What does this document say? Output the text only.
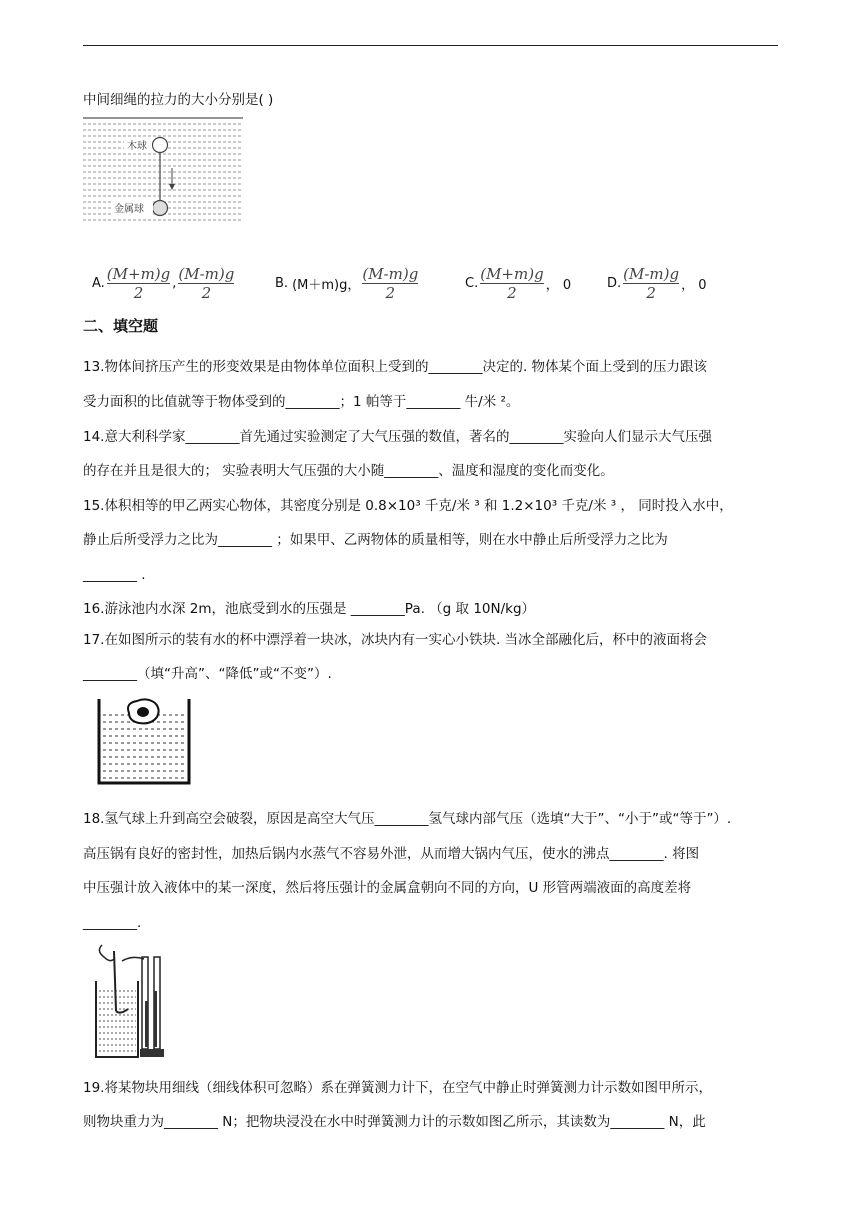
中间细绳的拉力的大小分别是( )
木球
金属球
A. $\frac{(M+m)g}{2}$ , $\frac{(M-m)g}{2}$	B. (M＋m)g， $\frac{(M-m)g}{2}$	C. $\frac{(M+m)g}{2}$ ， 0	D. $\frac{(M-m)g}{2}$ ， 0
二、填空题
13.物体间挤压产生的形变效果是由物体单位面积上受到的________决定的. 物体某个面上受到的压力跟该
受力面积的比值就等于物体受到的________；1 帕等于________ 牛/米 ²。
14.意大利科学家________首先通过实验测定了大气压强的数值，著名的________实验向人们显示大气压强
的存在并且是很大的； 实验表明大气压强的大小随________、温度和湿度的变化而变化。
15.体积相等的甲乙两实心物体，其密度分别是 0.8×10³ 千克/米 ³ 和 1.2×10³ 千克/米 ³ ， 同时投入水中，
静止后所受浮力之比为________ ；如果甲、乙两物体的质量相等，则在水中静止后所受浮力之比为
________ .
16.游泳池内水深 2m，池底受到水的压强是 ________Pa. （g 取 10N/kg）
17.在如图所示的装有水的杯中漂浮着一块冰，冰块内有一实心小铁块. 当冰全部融化后，杯中的液面将会
________（填“升高”、“降低”或“不变”）.
18.氢气球上升到高空会破裂，原因是高空大气压________氢气球内部气压（选填“大于”、“小于”或“等于”）.
高压锅有良好的密封性，加热后锅内水蒸气不容易外泄，从而增大锅内气压，使水的沸点________. 将图
中压强计放入液体中的某一深度，然后将压强计的金属盒朝向不同的方向，U 形管两端液面的高度差将
________.
19.将某物块用细线（细线体积可忽略）系在弹簧测力计下，在空气中静止时弹簧测力计示数如图甲所示，
则物块重力为________ N；把物块浸没在水中时弹簧测力计的示数如图乙所示，其读数为________ N，此
